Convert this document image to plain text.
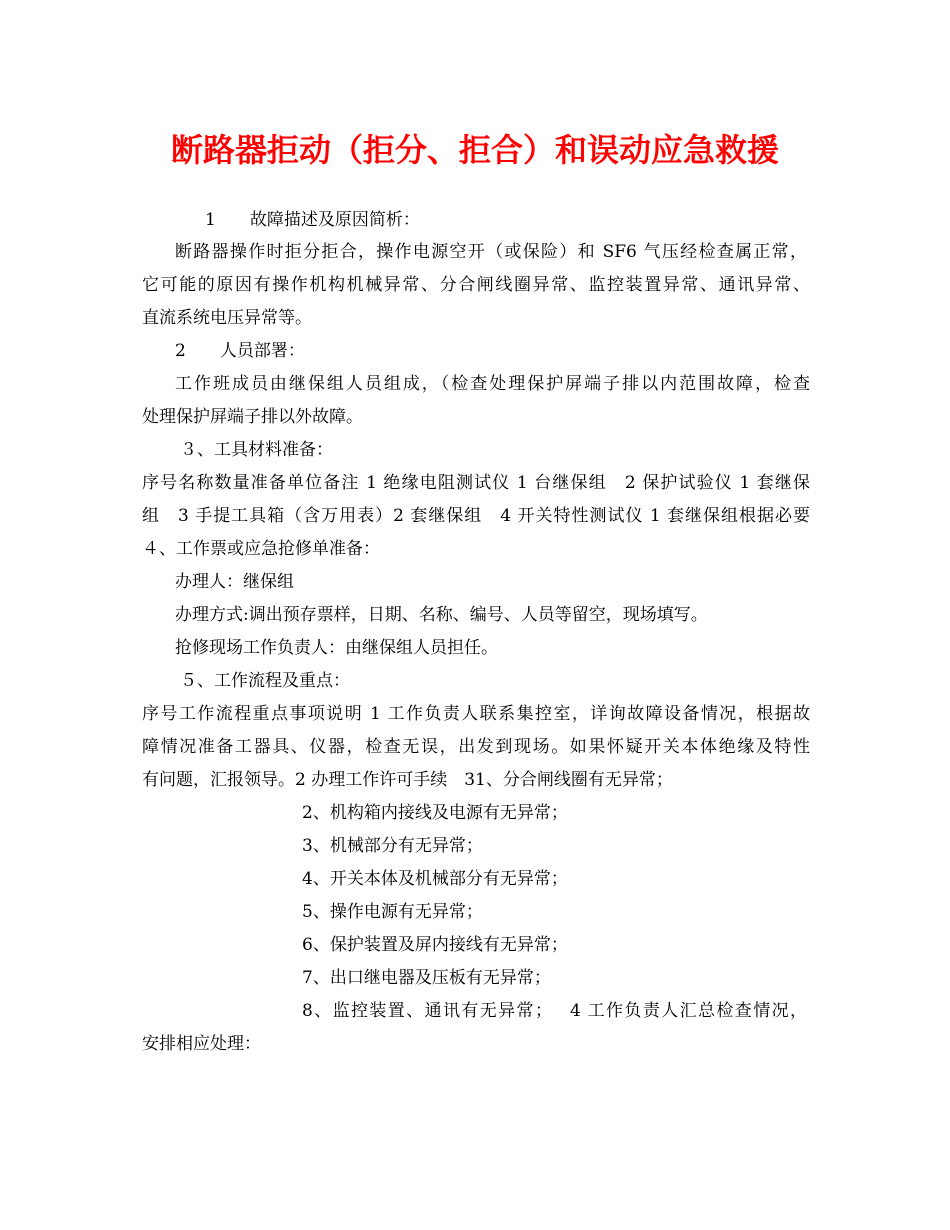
断路器拒动（拒分、拒合）和误动应急救援
1　　故障描述及原因简析：
断路器操作时拒分拒合，操作电源空开（或保险）和 SF6 气压经检查属正常，
它可能的原因有操作机构机械异常、分合闸线圈异常、监控装置异常、通讯异常、
直流系统电压异常等。
2　　人员部署：
工作班成员由继保组人员组成，（检查处理保护屏端子排以内范围故障，检查
处理保护屏端子排以外故障。
３、工具材料准备：
序号名称数量准备单位备注 1 绝缘电阻测试仪 1 台继保组　2 保护试验仪 1 套继保
组　3 手提工具箱（含万用表）2 套继保组　4 开关特性测试仪 1 套继保组根据必要
４、工作票或应急抢修单准备：
办理人：继保组
办理方式:调出预存票样，日期、名称、编号、人员等留空，现场填写。
抢修现场工作负责人：由继保组人员担任。
５、工作流程及重点：
序号工作流程重点事项说明 1 工作负责人联系集控室，详询故障设备情况，根据故
障情况准备工器具、仪器，检查无误，出发到现场。如果怀疑开关本体绝缘及特性
有问题，汇报领导。2 办理工作许可手续　31、分合闸线圈有无异常；
2、机构箱内接线及电源有无异常；
3、机械部分有无异常；
4、开关本体及机械部分有无异常；
5、操作电源有无异常；
6、保护装置及屏内接线有无异常；
7、出口继电器及压板有无异常；
8、监控装置、通讯有无异常；　 4 工作负责人汇总检查情况，
安排相应处理：
